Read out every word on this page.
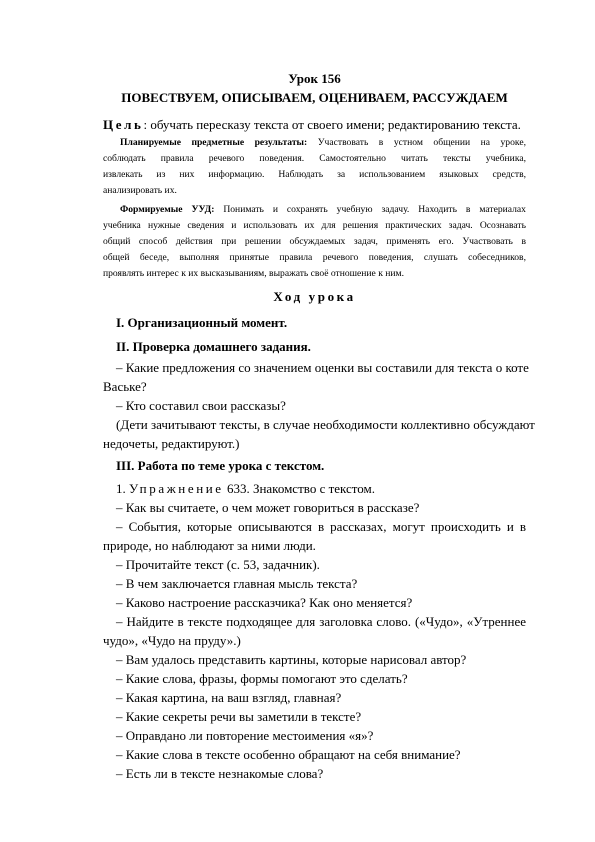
Урок 156
ПОВЕСТВУЕМ, ОПИСЫВАЕМ, ОЦЕНИВАЕМ, РАССУЖДАЕМ
Цель: обучать пересказу текста от своего имени; редактированию текста.
Планируемые предметные результаты: Участвовать в устном общении на уроке,
соблюдать правила речевого поведения. Самостоятельно читать тексты учебника,
извлекать из них информацию. Наблюдать за использованием языковых средств,
анализировать их.
Формируемые УУД: Понимать и сохранять учебную задачу. Находить в материалах
учебника нужные сведения и использовать их для решения практических задач. Осознавать
общий способ действия при решении обсуждаемых задач, применять его. Участвовать в
общей беседе, выполняя принятые правила речевого поведения, слушать собеседников,
проявлять интерес к их высказываниям, выражать своё отношение к ним.
Ход урока
I. Организационный момент.
II. Проверка домашнего задания.
– Какие предложения со значением оценки вы составили для текста о коте
Ваське?
– Кто составил свои рассказы?
(Дети зачитывают тексты, в случае необходимости коллективно обсуждают
недочеты, редактируют.)
III. Работа по теме урока с текстом.
1. Упражнение 633. Знакомство с текстом.
– Как вы считаете, о чем может говориться в рассказе?
– События, которые описываются в рассказах, могут происходить и в
природе, но наблюдают за ними люди.
– Прочитайте текст (с. 53, задачник).
– В чем заключается главная мысль текста?
– Каково настроение рассказчика? Как оно меняется?
– Найдите в тексте подходящее для заголовка слово. («Чудо», «Утреннее
чудо», «Чудо на пруду».)
– Вам удалось представить картины, которые нарисовал автор?
– Какие слова, фразы, формы помогают это сделать?
– Какая картина, на ваш взгляд, главная?
– Какие секреты речи вы заметили в тексте?
– Оправдано ли повторение местоимения «я»?
– Какие слова в тексте особенно обращают на себя внимание?
– Есть ли в тексте незнакомые слова?
